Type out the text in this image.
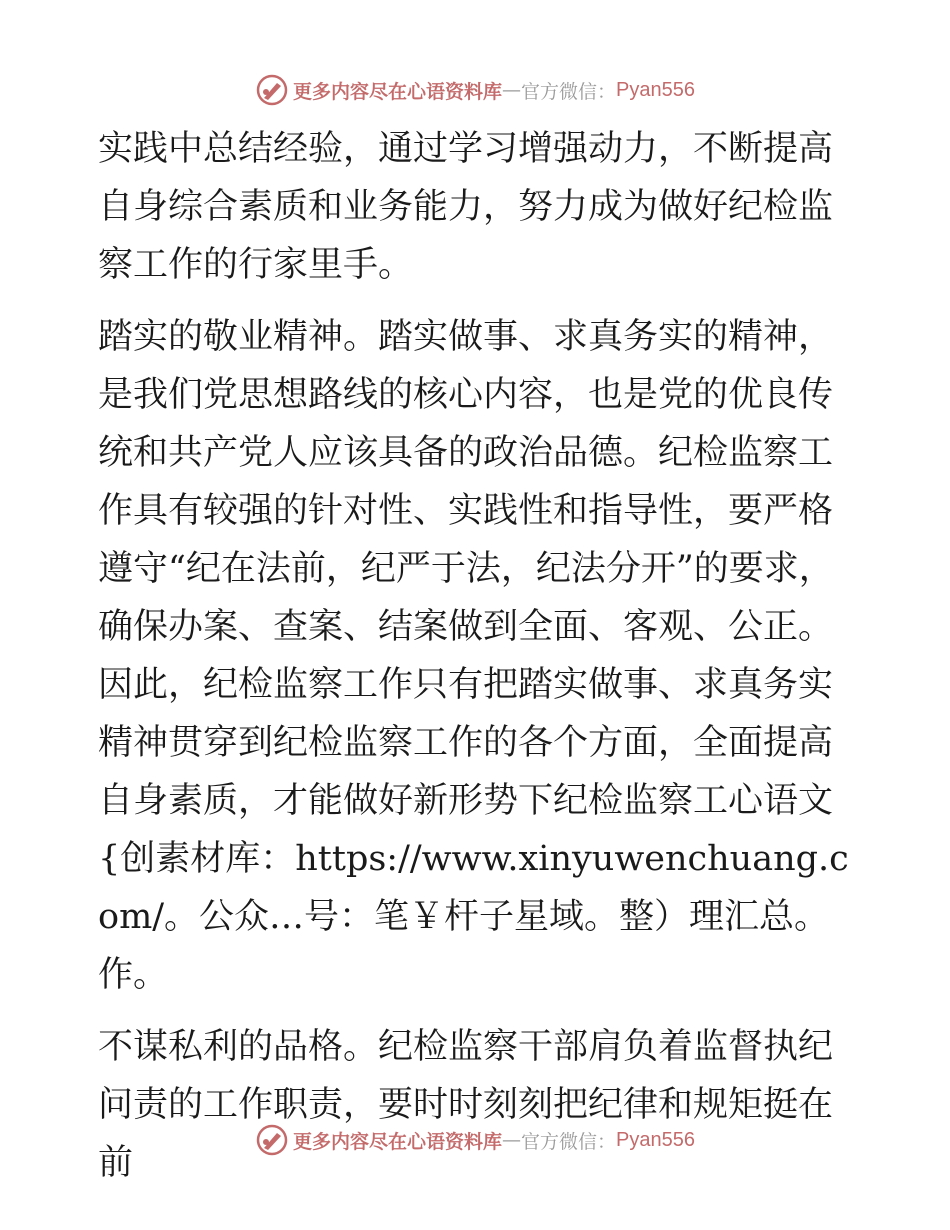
更多内容尽在心语资料库 — 官方微信： Pyan556

实践中总结经验，通过学习增强动力，不断提高自身综合素质和业务能力，努力成为做好纪检监察工作的行家里手。

踏实的敬业精神。踏实做事、求真务实的精神，是我们党思想路线的核心内容，也是党的优良传统和共产党人应该具备的政治品德。纪检监察工作具有较强的针对性、实践性和指导性，要严格遵守“纪在法前，纪严于法，纪法分开”的要求，确保办案、查案、结案做到全面、客观、公正。因此，纪检监察工作只有把踏实做事、求真务实精神贯穿到纪检监察工作的各个方面，全面提高自身素质，才能做好新形势下纪检监察工心语文{创素材库：https://www.xinyuwenchuang.com/。公众…号：笔￥杆子星域。整）理汇总。作。

不谋私利的品格。纪检监察干部肩负着监督执纪问责的工作职责，要时时刻刻把纪律和规矩挺在前

更多内容尽在心语资料库 — 官方微信： Pyan556
